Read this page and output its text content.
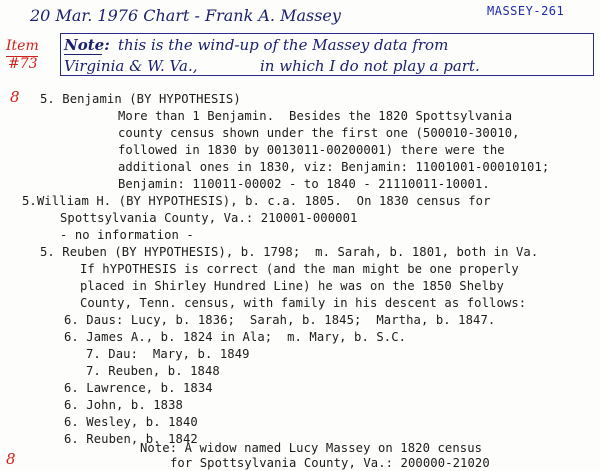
20 Mar. 1976 Chart - Frank A. Massey	MASSEY-261
Item
#73
8
8
Note: this is the wind-up of the Massey data from
Virginia & W. Va.,	in which I do not play a part.
5. Benjamin (BY HYPOTHESIS)
More than 1 Benjamin.  Besides the 1820 Spottsylvania
county census shown under the first one (500010-30010,
followed in 1830 by 0013011-00200001) there were the
additional ones in 1830, viz: Benjamin: 11001001-00010101;
Benjamin: 110011-00002 - to 1840 - 21110011-10001.
5.William H. (BY HYPOTHESIS), b. c.a. 1805.  On 1830 census for
Spottsylvania County, Va.: 210001-000001
- no information -
5. Reuben (BY HYPOTHESIS), b. 1798;  m. Sarah, b. 1801, both in Va.
If hYPOTHESIS is correct (and the man might be one properly
placed in Shirley Hundred Line) he was on the 1850 Shelby
County, Tenn. census, with family in his descent as follows:
6. Daus: Lucy, b. 1836;  Sarah, b. 1845;  Martha, b. 1847.
6. James A., b. 1824 in Ala;  m. Mary, b. S.C.
7. Dau:  Mary, b. 1849
7. Reuben, b. 1848
6. Lawrence, b. 1834
6. John, b. 1838
6. Wesley, b. 1840
6. Reuben, b. 1842
Note: A widow named Lucy Massey on 1820 census
for Spottsylvania County, Va.: 200000-21020
